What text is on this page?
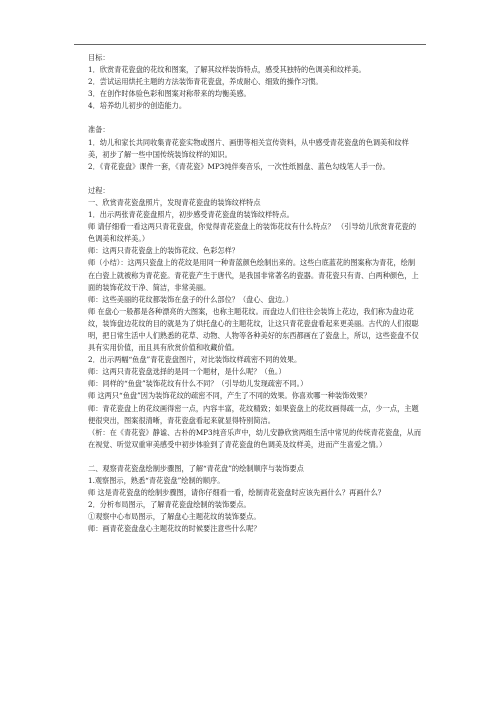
目标：

1．欣赏青花瓷盘的花纹和图案，了解其纹样装饰特点，感受其独特的色调美和纹样美。

2．尝试运用烘托主题的方法装饰青花瓷盘，养成耐心、细致的操作习惯。

3．在创作时体验色彩和图案对称带来的均衡美感。

4．培养幼儿初步的创造能力。

准备：

1．幼儿和家长共同收集青花瓷实物或图片、画册等相关宣传资料，从中感受青花瓷盘的色调美和纹样美，初步了解一些中国传统装饰纹样的知识。

2．《青花瓷盘》课件一套，《青花瓷》MP3纯伴奏音乐，一次性纸圆盘、蓝色勾线笔人手一份。

过程：

一、欣赏青花瓷盘照片，发现青花瓷盘的装饰纹样特点

1．出示两张青花瓷盘照片，初步感受青花瓷盘的装饰纹样特点。

师 请仔细看一看这两只青花瓷盘，你觉得青花瓷盘上的装饰花纹有什么特点？ （引导幼儿欣赏青花瓷的色调美和纹样美。）

师：这两只青花瓷盘上的装饰花纹、色彩怎样？

师（小结）：这两只瓷盘上的花纹是用同一种青蓝颜色绘制出来的。这些白底蓝花的图案称为青花，绘制在白瓷上就被称为青花瓷。青花瓷产生于唐代，是我国非常著名的瓷器。青花瓷只有青、白两种颜色，上面的装饰花纹干净、简洁，非常美丽。

师：这些美丽的花纹都装饰在盘子的什么部位？（盘心、盘边。）

师 在盘心一般都是各种漂亮的大图案，也称主题花纹。而盘边人们往往会装饰上花边，我们称为盘边花纹，装饰盘边花纹的目的就是为了烘托盘心的主题花纹，让这只青花瓷盘看起来更美丽。古代的人们很聪明，把日常生活中人们熟悉的花草、动物、人物等各种美好的东西都画在了瓷盘上，所以，这些瓷盘不仅具有实用价值，而且具有欣赏价值和收藏价值。

2．出示两幅“鱼盘”青花瓷盘图片，对比装饰纹样疏密不同的效果。

师：这两只青花瓷盘选择的是同一个题材，是什么呢？（鱼。）

师：同样的“鱼盘”装饰花纹有什么不同？（引导幼儿发现疏密不同。）

师 这两只“鱼盘”因为装饰花纹的疏密不同，产生了不同的效果。你喜欢哪一种装饰效果？

师：青花瓷盘上的花纹画得密一点，内容丰富，花纹精致；如果瓷盘上的花纹画得疏一点，少一点，主题便很突出，图案很清晰，青花瓷盘看起来就显得特别简洁。

（析：在《青花瓷》静谧、古朴的MP3纯音乐声中，幼儿安静欣赏两组生活中常见的传统青花瓷盘，从而在视觉、听觉双重审美感受中初步体验到了青花瓷盘的色调美及纹样美，进而产生喜爱之情。）

二、观察青花瓷盘绘制步骤图，了解“青花盘”的绘制顺序与装饰要点

1.观察图示，熟悉“青花瓷盘”绘制的顺序。

师 这是青花瓷盘的绘制步骤图，请你仔细看一看，绘制青花瓷盘时应该先画什么？再画什么？

2．分析布局图示，了解青花瓷盘绘制的装饰要点。

①观察中心布局图示，了解盘心主题花纹的装饰要点。

师：画青花瓷盘盘心主题花纹的时候要注意些什么呢？
